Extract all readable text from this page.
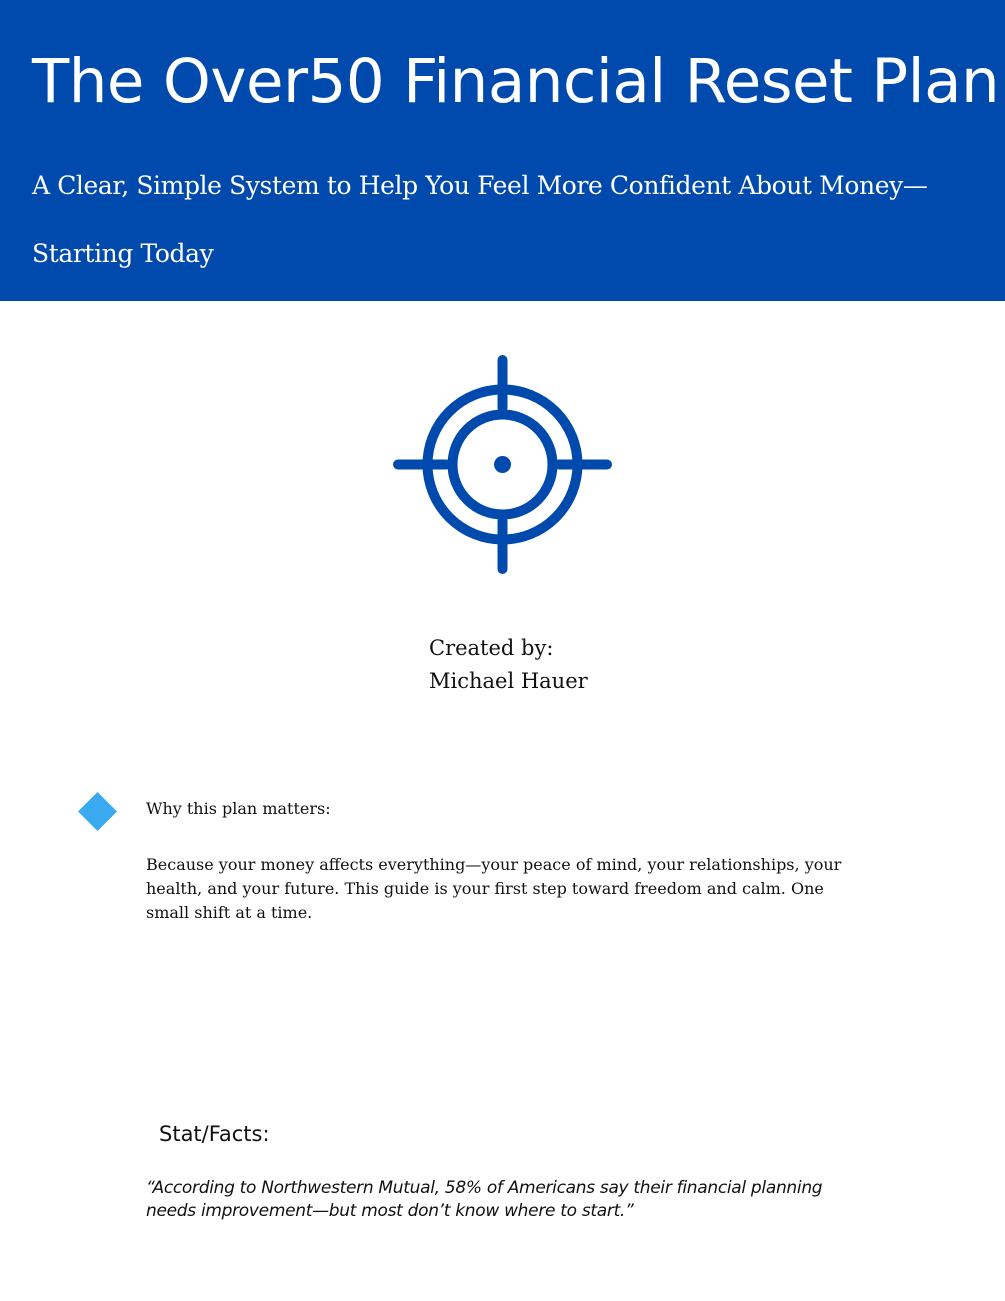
The Over50 Financial Reset Plan

A Clear, Simple System to Help You Feel More Confident About Money—Starting Today

Created by:
Michael Hauer
Why this plan matters:
Because your money affects everything—your peace of mind, your relationships, your health, and your future. This guide is your first step toward freedom and calm. One small shift at a time.
Stat/Facts:
“According to Northwestern Mutual, 58% of Americans say their financial planning needs improvement—but most don’t know where to start.”
